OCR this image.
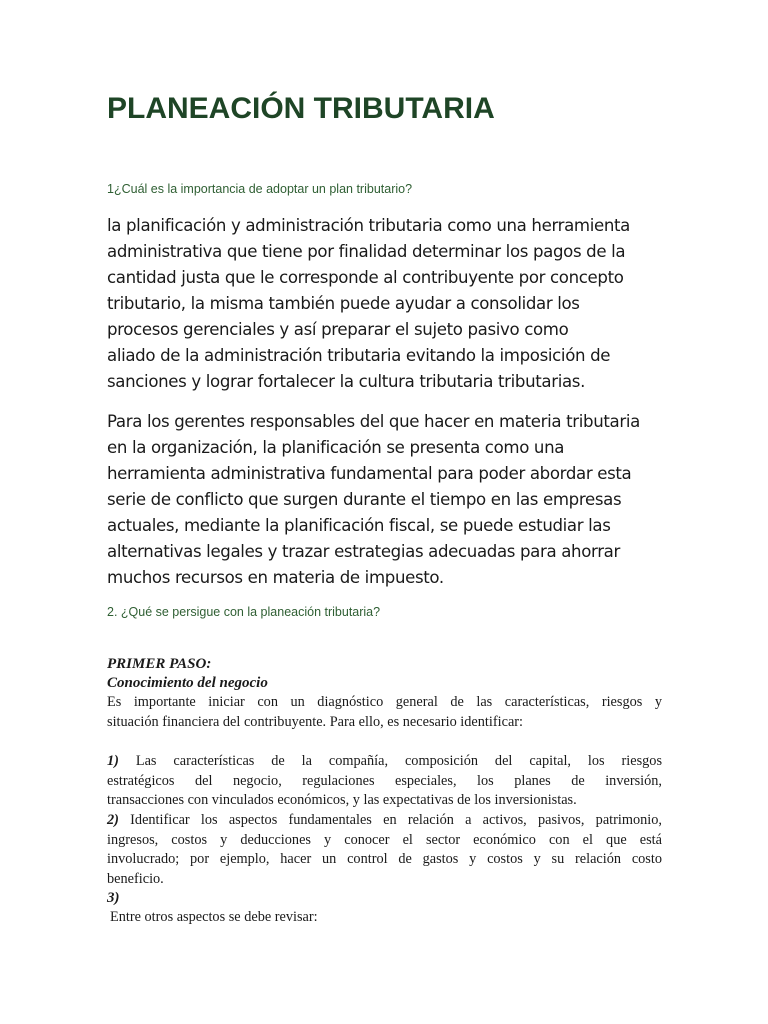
PLANEACIÓN TRIBUTARIA

1¿Cuál es la importancia de adoptar un plan tributario?

la planificación y administración tributaria como una herramienta
administrativa que tiene por finalidad determinar los pagos de la
cantidad justa que le corresponde al contribuyente por concepto
tributario, la misma también puede ayudar a consolidar los
procesos gerenciales y así preparar el sujeto pasivo como
aliado de la administración tributaria evitando la imposición de
sanciones y lograr fortalecer la cultura tributaria tributarias.
Para los gerentes responsables del que hacer en materia tributaria
en la organización, la planificación se presenta como una
herramienta administrativa fundamental para poder abordar esta
serie de conflicto que surgen durante el tiempo en las empresas
actuales, mediante la planificación fiscal, se puede estudiar las
alternativas legales y trazar estrategias adecuadas para ahorrar
muchos recursos en materia de impuesto.

2. ¿Qué se persigue con la planeación tributaria?

PRIMER PASO:

Conocimiento del negocio

Es importante iniciar con un diagnóstico general de las características, riesgos y
situación financiera del contribuyente. Para ello, es necesario identificar:

1) Las características de la compañía, composición del capital, los riesgos
estratégicos del negocio, regulaciones especiales, los planes de inversión,
transacciones con vinculados económicos, y las expectativas de los inversionistas.

2) Identificar los aspectos fundamentales en relación a activos, pasivos, patrimonio,
ingresos, costos y deducciones y conocer el sector económico con el que está
involucrado; por ejemplo, hacer un control de gastos y costos y su relación costo
beneficio.

3)

Entre otros aspectos se debe revisar:
